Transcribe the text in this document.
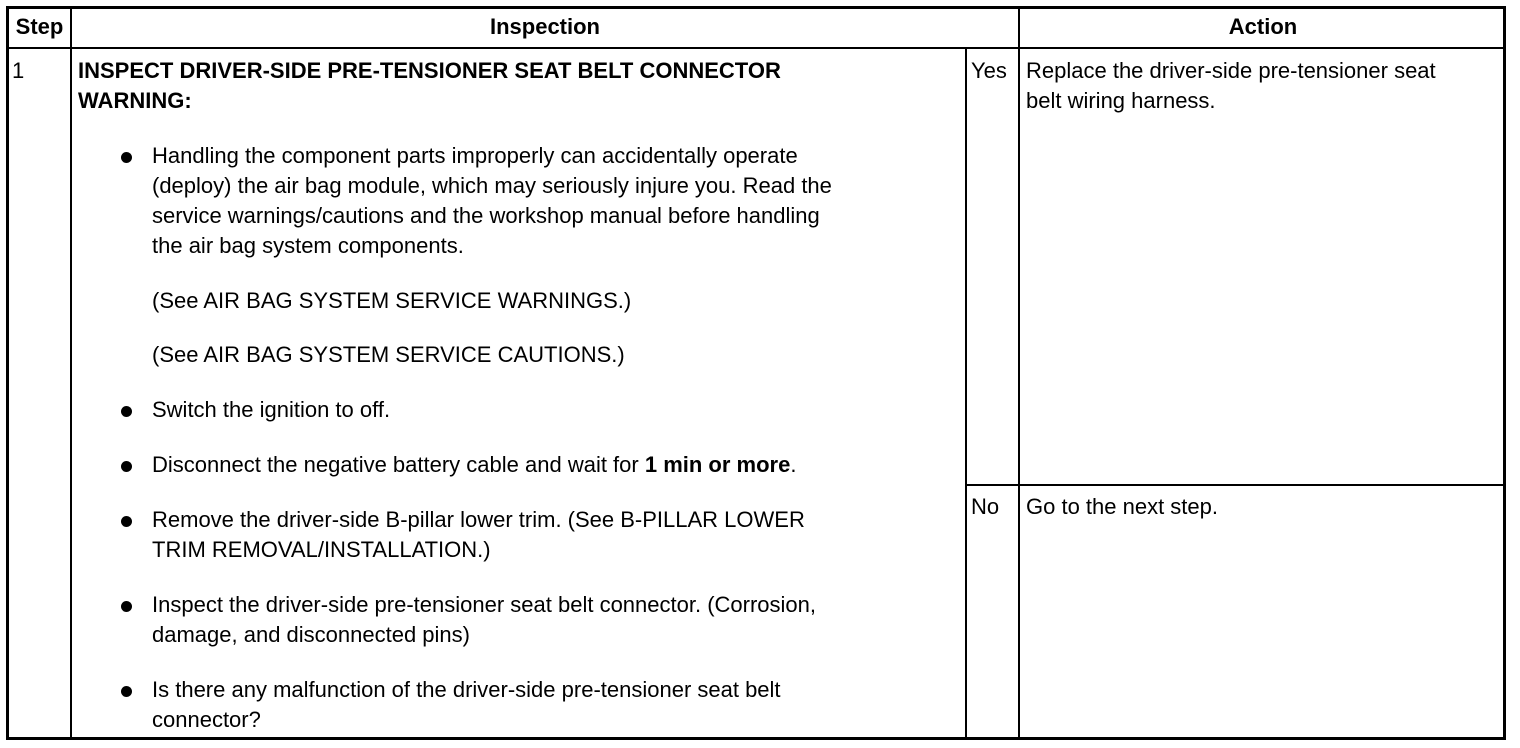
Step	Inspection	Action
1 INSPECT DRIVER-SIDE PRE-TENSIONER SEAT BELT CONNECTOR
WARNING:
Handling the component parts improperly can accidentally operate
(deploy) the air bag module, which may seriously injure you. Read the
service warnings/cautions and the workshop manual before handling
the air bag system components.
(See AIR BAG SYSTEM SERVICE WARNINGS.)
(See AIR BAG SYSTEM SERVICE CAUTIONS.)
Switch the ignition to off.
Disconnect the negative battery cable and wait for 1 min or more.
Remove the driver-side B-pillar lower trim. (See B-PILLAR LOWER
TRIM REMOVAL/INSTALLATION.)
Inspect the driver-side pre-tensioner seat belt connector. (Corrosion,
damage, and disconnected pins)
Is there any malfunction of the driver-side pre-tensioner seat belt
connector?
Yes Replace the driver-side pre-tensioner seat
belt wiring harness.
No Go to the next step.
